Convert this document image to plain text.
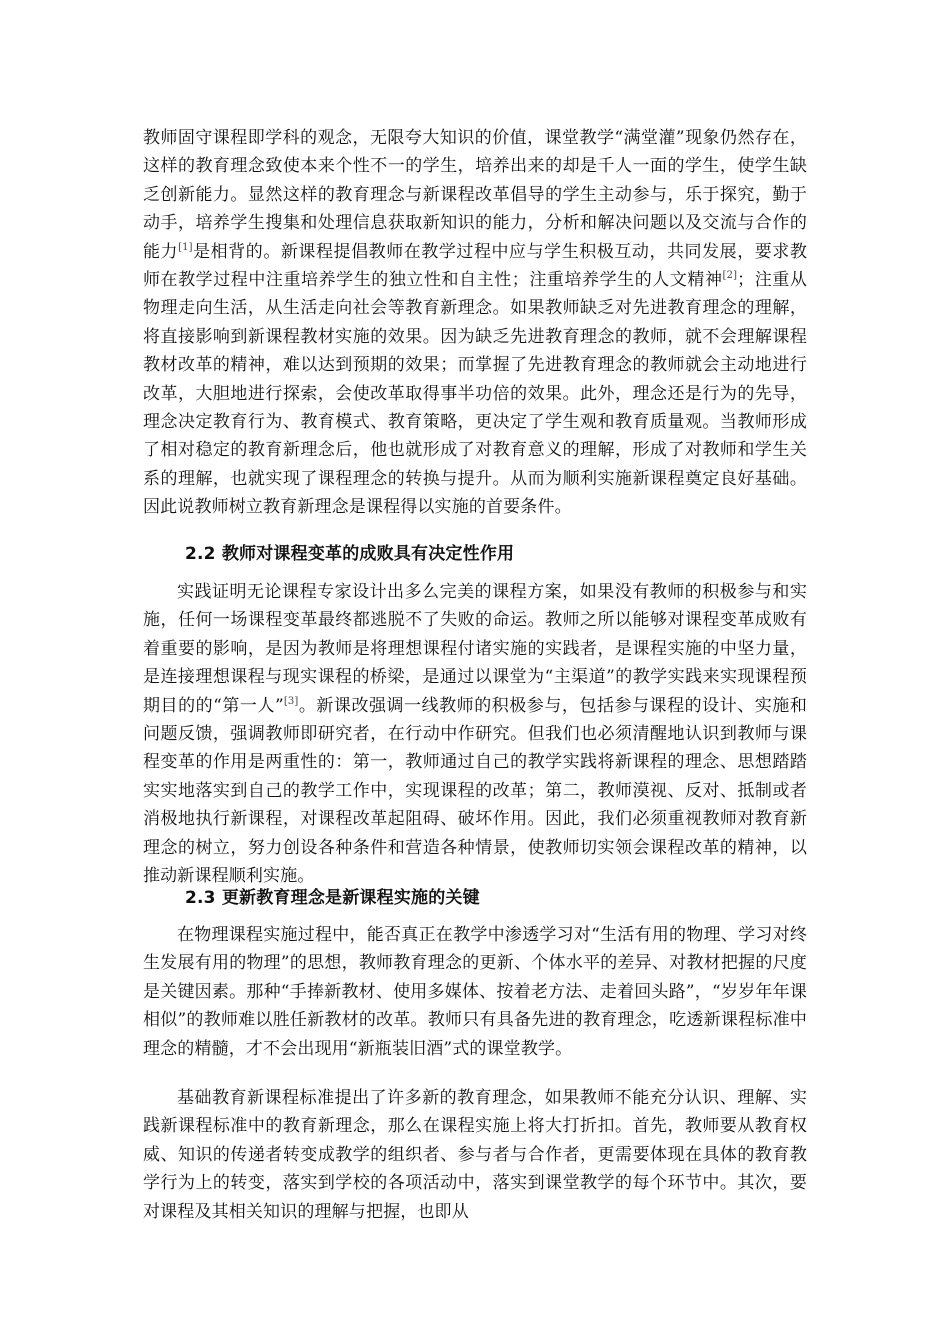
教师固守课程即学科的观念，无限夸大知识的价值，课堂教学“满堂灌”现象仍然存在，这样的教育理念致使本来个性不一的学生，培养出来的却是千人一面的学生，使学生缺乏创新能力。显然这样的教育理念与新课程改革倡导的学生主动参与，乐于探究，勤于动手，培养学生搜集和处理信息获取新知识的能力，分析和解决问题以及交流与合作的能力[1]是相背的。新课程提倡教师在教学过程中应与学生积极互动，共同发展，要求教师在教学过程中注重培养学生的独立性和自主性；注重培养学生的人文精神[2]；注重从物理走向生活，从生活走向社会等教育新理念。如果教师缺乏对先进教育理念的理解，将直接影响到新课程教材实施的效果。因为缺乏先进教育理念的教师，就不会理解课程教材改革的精神，难以达到预期的效果；而掌握了先进教育理念的教师就会主动地进行改革，大胆地进行探索，会使改革取得事半功倍的效果。此外，理念还是行为的先导，理念决定教育行为、教育模式、教育策略，更决定了学生观和教育质量观。当教师形成了相对稳定的教育新理念后，他也就形成了对教育意义的理解，形成了对教师和学生关系的理解，也就实现了课程理念的转换与提升。从而为顺利实施新课程奠定良好基础。因此说教师树立教育新理念是课程得以实施的首要条件。

2.2 教师对课程变革的成败具有决定性作用

实践证明无论课程专家设计出多么完美的课程方案，如果没有教师的积极参与和实施，任何一场课程变革最终都逃脱不了失败的命运。教师之所以能够对课程变革成败有着重要的影响，是因为教师是将理想课程付诸实施的实践者，是课程实施的中坚力量，是连接理想课程与现实课程的桥梁，是通过以课堂为“主渠道”的教学实践来实现课程预期目的的“第一人”[3]。新课改强调一线教师的积极参与，包括参与课程的设计、实施和问题反馈，强调教师即研究者，在行动中作研究。但我们也必须清醒地认识到教师与课程变革的作用是两重性的：第一，教师通过自己的教学实践将新课程的理念、思想踏踏实实地落实到自己的教学工作中，实现课程的改革；第二，教师漠视、反对、抵制或者消极地执行新课程，对课程改革起阻碍、破坏作用。因此，我们必须重视教师对教育新理念的树立，努力创设各种条件和营造各种情景，使教师切实领会课程改革的精神，以推动新课程顺利实施。

2.3 更新教育理念是新课程实施的关键

在物理课程实施过程中，能否真正在教学中渗透学习对“生活有用的物理、学习对终生发展有用的物理”的思想，教师教育理念的更新、个体水平的差异、对教材把握的尺度是关键因素。那种“手捧新教材、使用多媒体、按着老方法、走着回头路”，“岁岁年年课相似”的教师难以胜任新教材的改革。教师只有具备先进的教育理念，吃透新课程标准中理念的精髓，才不会出现用“新瓶装旧酒”式的课堂教学。

基础教育新课程标准提出了许多新的教育理念，如果教师不能充分认识、理解、实践新课程标准中的教育新理念，那么在课程实施上将大打折扣。首先，教师要从教育权威、知识的传递者转变成教学的组织者、参与者与合作者，更需要体现在具体的教育教学行为上的转变，落实到学校的各项活动中，落实到课堂教学的每个环节中。其次，要对课程及其相关知识的理解与把握，也即从
